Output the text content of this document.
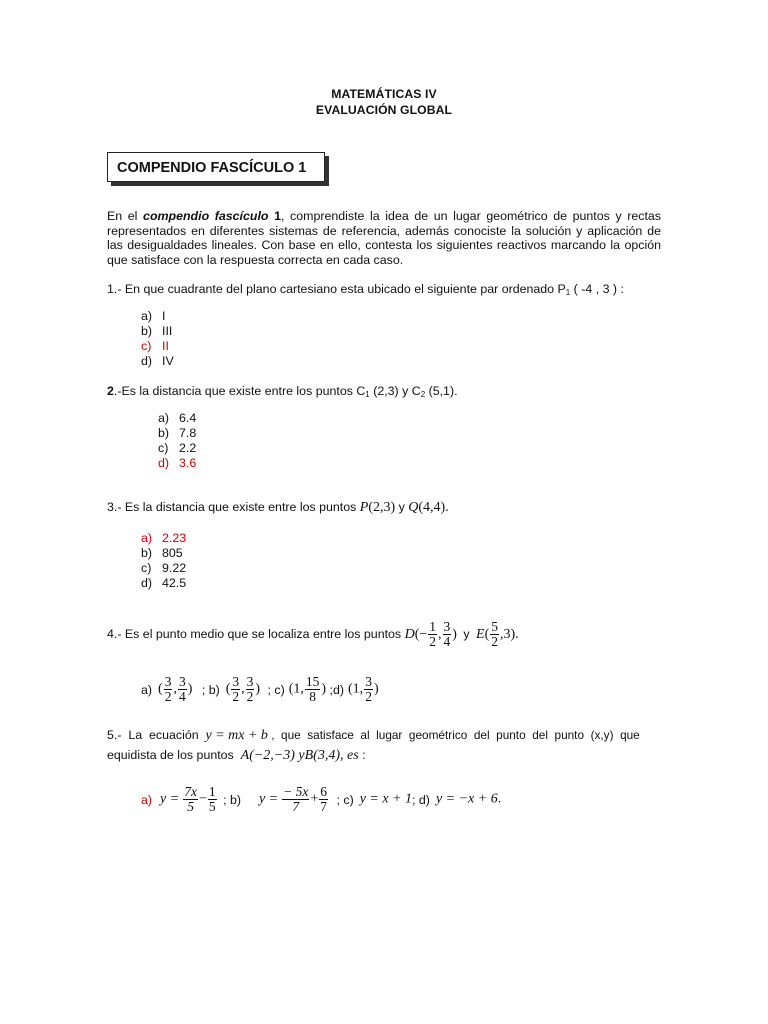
MATEMÁTICAS IV
EVALUACIÓN GLOBAL
COMPENDIO FASCÍCULO 1
En el compendio fascículo 1, comprendiste la idea de un lugar geométrico de puntos y rectas representados en diferentes sistemas de referencia, además conociste la solución y aplicación de las desigualdades lineales. Con base en ello, contesta los siguientes reactivos marcando la opción que satisface con la respuesta correcta en cada caso.
1.- En que cuadrante del plano cartesiano esta ubicado el siguiente par ordenado $P_1$ ( -4 , 3 ) :
a) I
b) III
c) II
d) IV
2.-Es la distancia que existe entre los puntos $C_1$ (2,3) y $C_2$ (5,1).
a) 6.4
b) 7.8
c) 2.2
d) 3.6
3.- Es la distancia que existe entre los puntos P(2,3) y Q(4,4).
a) 2.23
b) 805
c) 9.22
d) 42.5
4.- Es el punto medio que se localiza entre los puntos $D(- \frac{1}{2}$ , $\frac{3}{4}$ ) y $E( \frac{5}{2} ,3)$.
a) ( $\frac{3}{2}$ , $\frac{3}{4}$ ) ; b) ( $\frac{3}{2}$ , $\frac{3}{2}$ ) ; c) (1, $\frac{15}{8}$ ) ;d) (1, $\frac{3}{2}$ )
5.-  La  ecuación  y = mx + b ,  que  satisface  al  lugar  geométrico  del  punto  del  punto  (x,y)  que
equidista de los puntos  A(−2,−3) yB(3,4), es :
a) $y = \frac{7x}{5} - \frac{1}{5}$ ; b) $y = \frac{- 5x}{7} + \frac{6}{7}$ ; c) y = x + 1; d) y = −x + 6.
